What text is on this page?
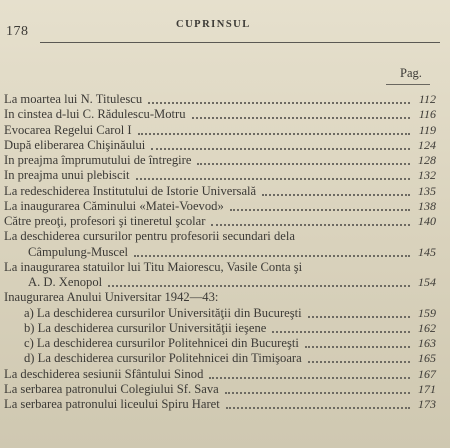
178	CUPRINSUL
Pag.
La moartea lui N. Titulescu	112
In cinstea d-lui C. Rădulescu-Motru	116
Evocarea Regelui Carol I	119
După eliberarea Chişinăului	124
In preajma împrumutului de întregire	128
In preajma unui plebiscit	132
La redeschiderea Institutului de Istorie Universală	135
La inaugurarea Căminului «Matei-Voevod»	138
Către preoţi, profesori şi tineretul şcolar	140
La deschiderea cursurilor pentru profesorii secundari dela
Câmpulung-Muscel	145
La inaugurarea statuilor lui Titu Maiorescu, Vasile Conta şi
A. D. Xenopol	154
Inaugurarea Anului Universitar 1942—43:
a) La deschiderea cursurilor Universităţii din Bucureşti	159
b) La deschiderea cursurilor Universităţii ieşene	162
c) La deschiderea cursurilor Politehnicei din Bucureşti	163
d) La deschiderea cursurilor Politehnicei din Timişoara	165
La deschiderea sesiunii Sfântului Sinod	167
La serbarea patronului Colegiului Sf. Sava	171
La serbarea patronului liceului Spiru Haret	173
